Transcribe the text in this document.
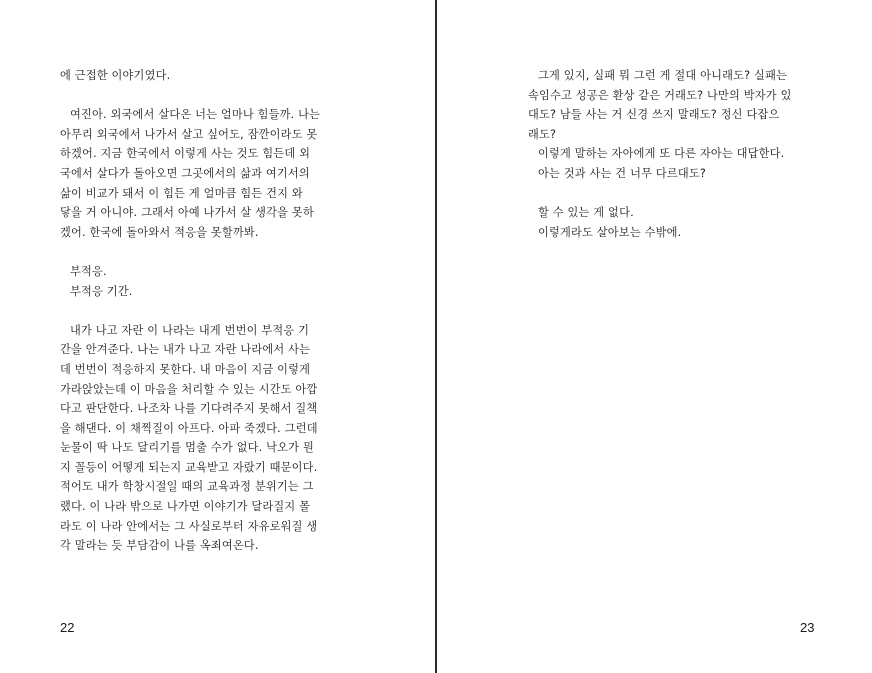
에 근접한 이야기였다.
여진아. 외국에서 살다온 너는 얼마나 힘들까. 나는
아무리 외국에서 나가서 살고 싶어도, 잠깐이라도 못
하겠어. 지금 한국에서 이렇게 사는 것도 힘든데 외
국에서 살다가 돌아오면 그곳에서의 삶과 여기서의
삶이 비교가 돼서 이 힘든 게 얼마큼 힘든 건지 와
닿을 거 아니야. 그래서 아예 나가서 살 생각을 못하
겠어. 한국에 돌아와서 적응을 못할까봐.
부적응.
부적응 기간.
내가 나고 자란 이 나라는 내게 번번이 부적응 기
간을 안겨준다. 나는 내가 나고 자란 나라에서 사는
데 번번이 적응하지 못한다. 내 마음이 지금 이렇게
가라앉았는데 이 마음을 처리할 수 있는 시간도 아깝
다고 판단한다. 나조차 나를 기다려주지 못해서 질책
을 해댄다. 이 채찍질이 아프다. 아파 죽겠다. 그런데
눈물이 딱 나도 달리기를 멈출 수가 없다. 낙오가 뭔
지 꼴등이 어떻게 되는지 교육받고 자랐기 때문이다.
적어도 내가 학창시절일 때의 교육과정 분위기는 그
랬다. 이 나라 밖으로 나가면 이야기가 달라질지 몰
라도 이 나라 안에서는 그 사실로부터 자유로워질 생
각 말라는 듯 부담감이 나를 옥죄여온다.
22
그게 있지, 실패 뭐 그런 게 절대 아니래도? 실패는
속임수고 성공은 환상 같은 거래도? 나만의 박자가 있
대도? 남들 사는 거 신경 쓰지 말래도? 정신 다잡으
래도?
이렇게 말하는 자아에게 또 다른 자아는 대답한다.
아는 것과 사는 건 너무 다르대도?
할 수 있는 게 없다.
이렇게라도 살아보는 수밖에.
23
